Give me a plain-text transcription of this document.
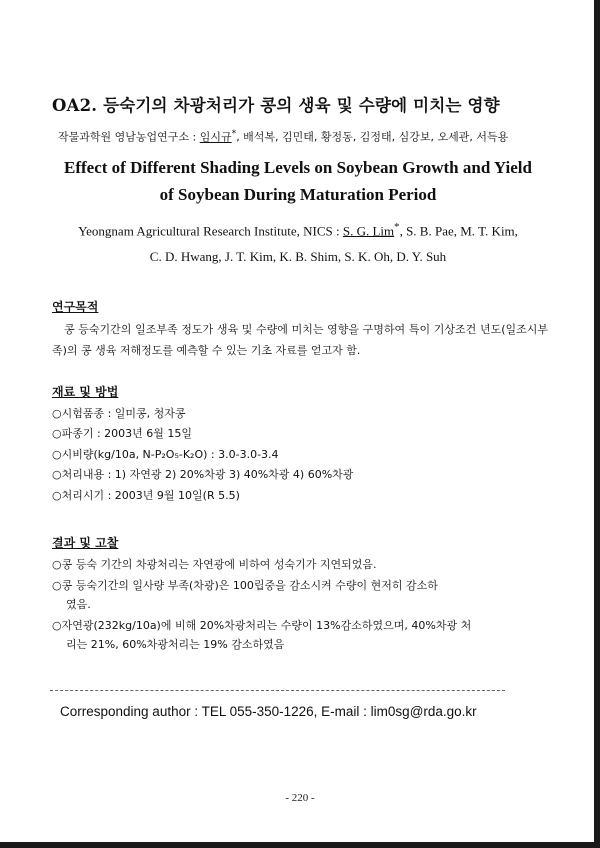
OA2. 등숙기의 차광처리가 콩의 생육 및 수량에 미치는 영향
작물과학원 영남농업연구소 : 임시규*, 배석복, 김민태, 황정동, 김정태, 심강보, 오세관, 서득용
Effect of Different Shading Levels on Soybean Growth and Yield
of Soybean During Maturation Period
Yeongnam Agricultural Research Institute, NICS : S. G. Lim*, S. B. Pae, M. T. Kim,
C. D. Hwang, J. T. Kim, K. B. Shim, S. K. Oh, D. Y. Suh
연구목적
콩 등숙기간의 일조부족 정도가 생육 및 수량에 미치는 영향을 구명하여 특이 기상조건 년도(일조시부족)의 콩 생육 저해정도를 예측할 수 있는 기초 자료를 얻고자 함.
재료 및 방법
○시험품종 : 일미콩, 청자콩
○파종기 : 2003년 6월 15일
○시비량(kg/10a, N-P₂O₅-K₂O) : 3.0-3.0-3.4
○처리내용 : 1) 자연광 2) 20%차광 3) 40%차광 4) 60%차광
○처리시기 : 2003년 9월 10일(R 5.5)
결과 및 고찰
○콩 등숙 기간의 차광처리는 자연광에 비하여 성숙기가 지연되었음.
○콩 등숙기간의 일사량 부족(차광)은 100립중을 감소시켜 수량이 현저히 감소하
였음.
○자연광(232kg/10a)에 비해 20%차광처리는 수량이 13%감소하였으며, 40%차광 처
리는 21%, 60%차광처리는 19% 감소하였음
Corresponding author : TEL 055-350-1226, E-mail : lim0sg@rda.go.kr
- 220 -
